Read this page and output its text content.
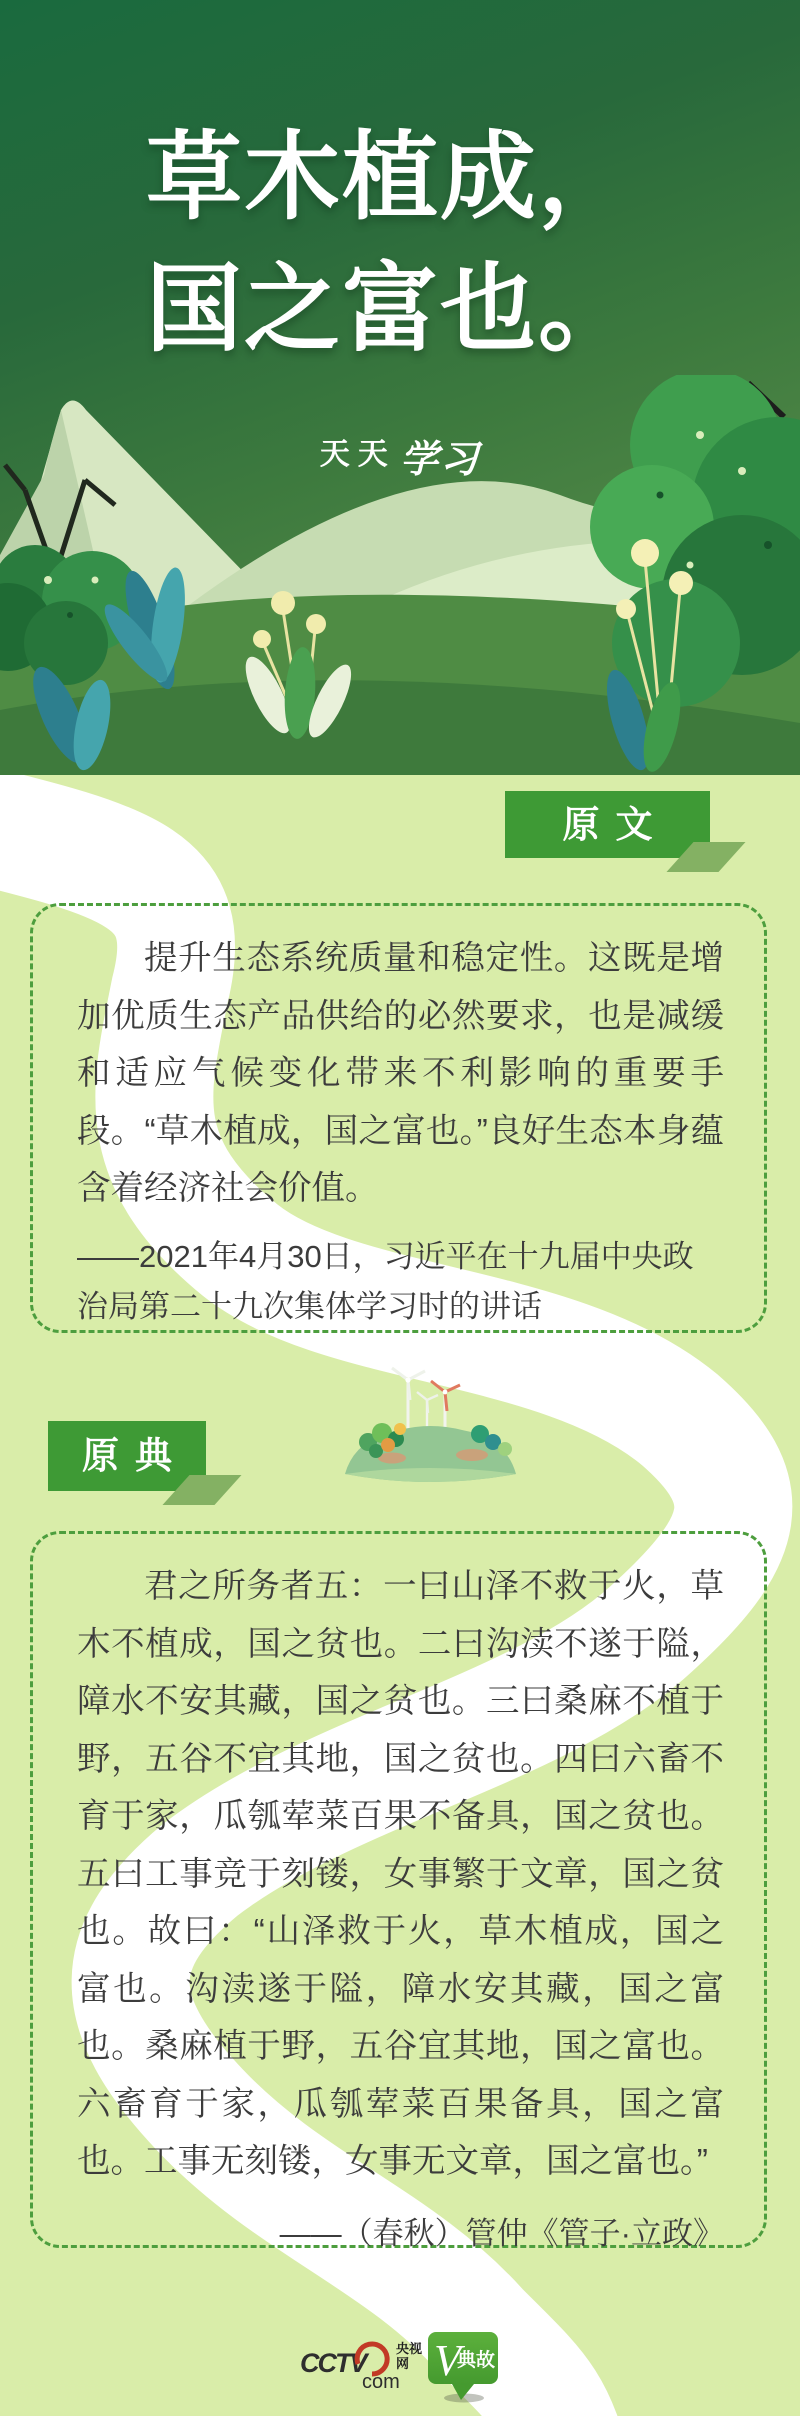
草木植成，
国之富也。
天天 学习
原文

提升生态系统质量和稳定性。这既是增加优质生态产品供给的必然要求，也是减缓和适应气候变化带来不利影响的重要手段。“草木植成，国之富也。”良好生态本身蕴含着经济社会价值。

——2021年4月30日，习近平在十九届中央政治局第二十九次集体学习时的讲话

原典

君之所务者五：一曰山泽不救于火，草木不植成，国之贫也。二曰沟渎不遂于隘，障水不安其藏，国之贫也。三曰桑麻不植于野，五谷不宜其地，国之贫也。四曰六畜不育于家，瓜瓠荤菜百果不备具，国之贫也。五曰工事竞于刻镂，女事繁于文章，国之贫也。故曰：“山泽救于火，草木植成，国之富也。沟渎遂于隘，障水安其藏，国之富也。桑麻植于野，五谷宜其地，国之富也。六畜育于家，瓜瓠荤菜百果备具，国之富也。工事无刻镂，女事无文章，国之富也。”

——（春秋）管仲《管子·立政》

CCTV
com
央视
网 V
典故
